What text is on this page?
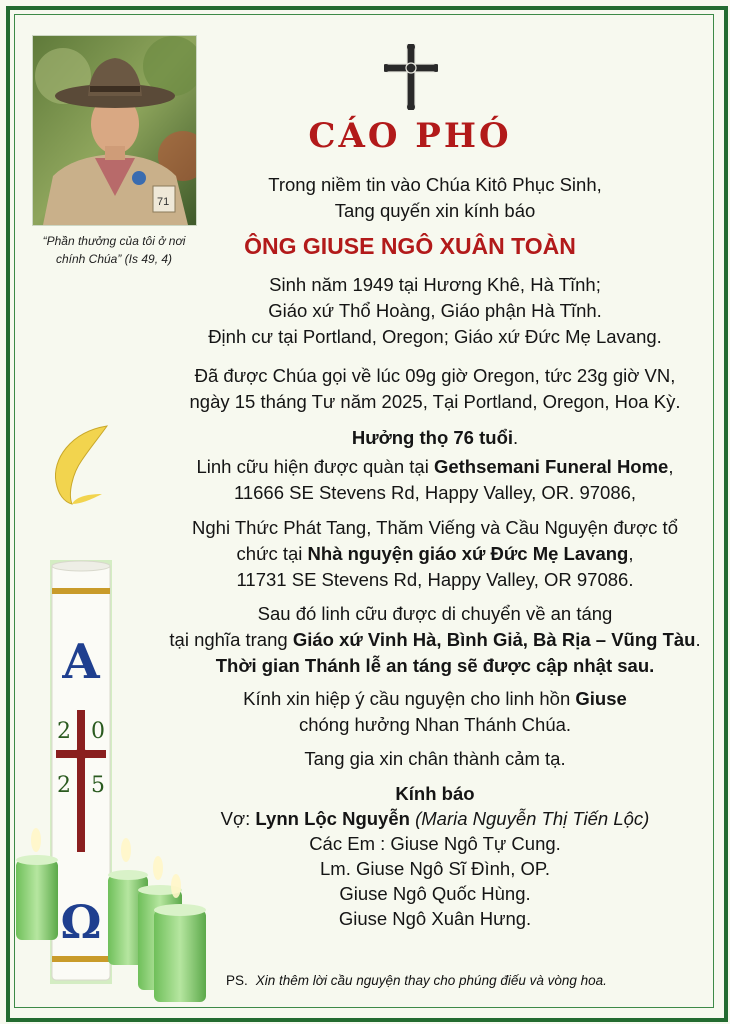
71
“Phần thưởng của tôi ở nơi
chính Chúa” (Is 49, 4)
CÁO PHÓ
Trong niềm tin vào Chúa Kitô Phục Sinh,
Tang quyến xin kính báo
ÔNG GIUSE NGÔ XUÂN TOÀN
Sinh năm 1949 tại Hương Khê, Hà Tĩnh;
Giáo xứ Thổ Hoàng, Giáo phận Hà Tĩnh.
Định cư tại Portland, Oregon; Giáo xứ Đức Mẹ Lavang.
Đã được Chúa gọi về lúc 09g giờ Oregon, tức 23g giờ VN,
ngày 15 tháng Tư năm 2025, Tại Portland, Oregon, Hoa Kỳ.
Hưởng thọ 76 tuổi.
Linh cữu hiện được quàn tại Gethsemani Funeral Home,
11666 SE Stevens Rd, Happy Valley, OR. 97086,
Nghi Thức Phát Tang, Thăm Viếng và Cầu Nguyện được tổ
chức tại Nhà nguyện giáo xứ Đức Mẹ Lavang,
11731 SE Stevens Rd, Happy Valley, OR 97086.
Sau đó linh cữu được di chuyển về an táng
tại nghĩa trang Giáo xứ Vinh Hà, Bình Giả, Bà Rịa – Vũng Tàu.
Thời gian Thánh lễ an táng sẽ được cập nhật sau.
Kính xin hiệp ý cầu nguyện cho linh hồn Giuse
chóng hưởng Nhan Thánh Chúa.
Tang gia xin chân thành cảm tạ.
Kính báo
Vợ: Lynn Lộc Nguyễn (Maria Nguyễn Thị Tiến Lộc)
Các Em : Giuse Ngô Tự Cung.
Lm. Giuse Ngô Sĩ Đình, OP.
Giuse Ngô Quốc Hùng.
Giuse Ngô Xuân Hưng.
A
2 0
2 5
Ω
PS. Xin thêm lời cầu nguyện thay cho phúng điếu và vòng hoa.
